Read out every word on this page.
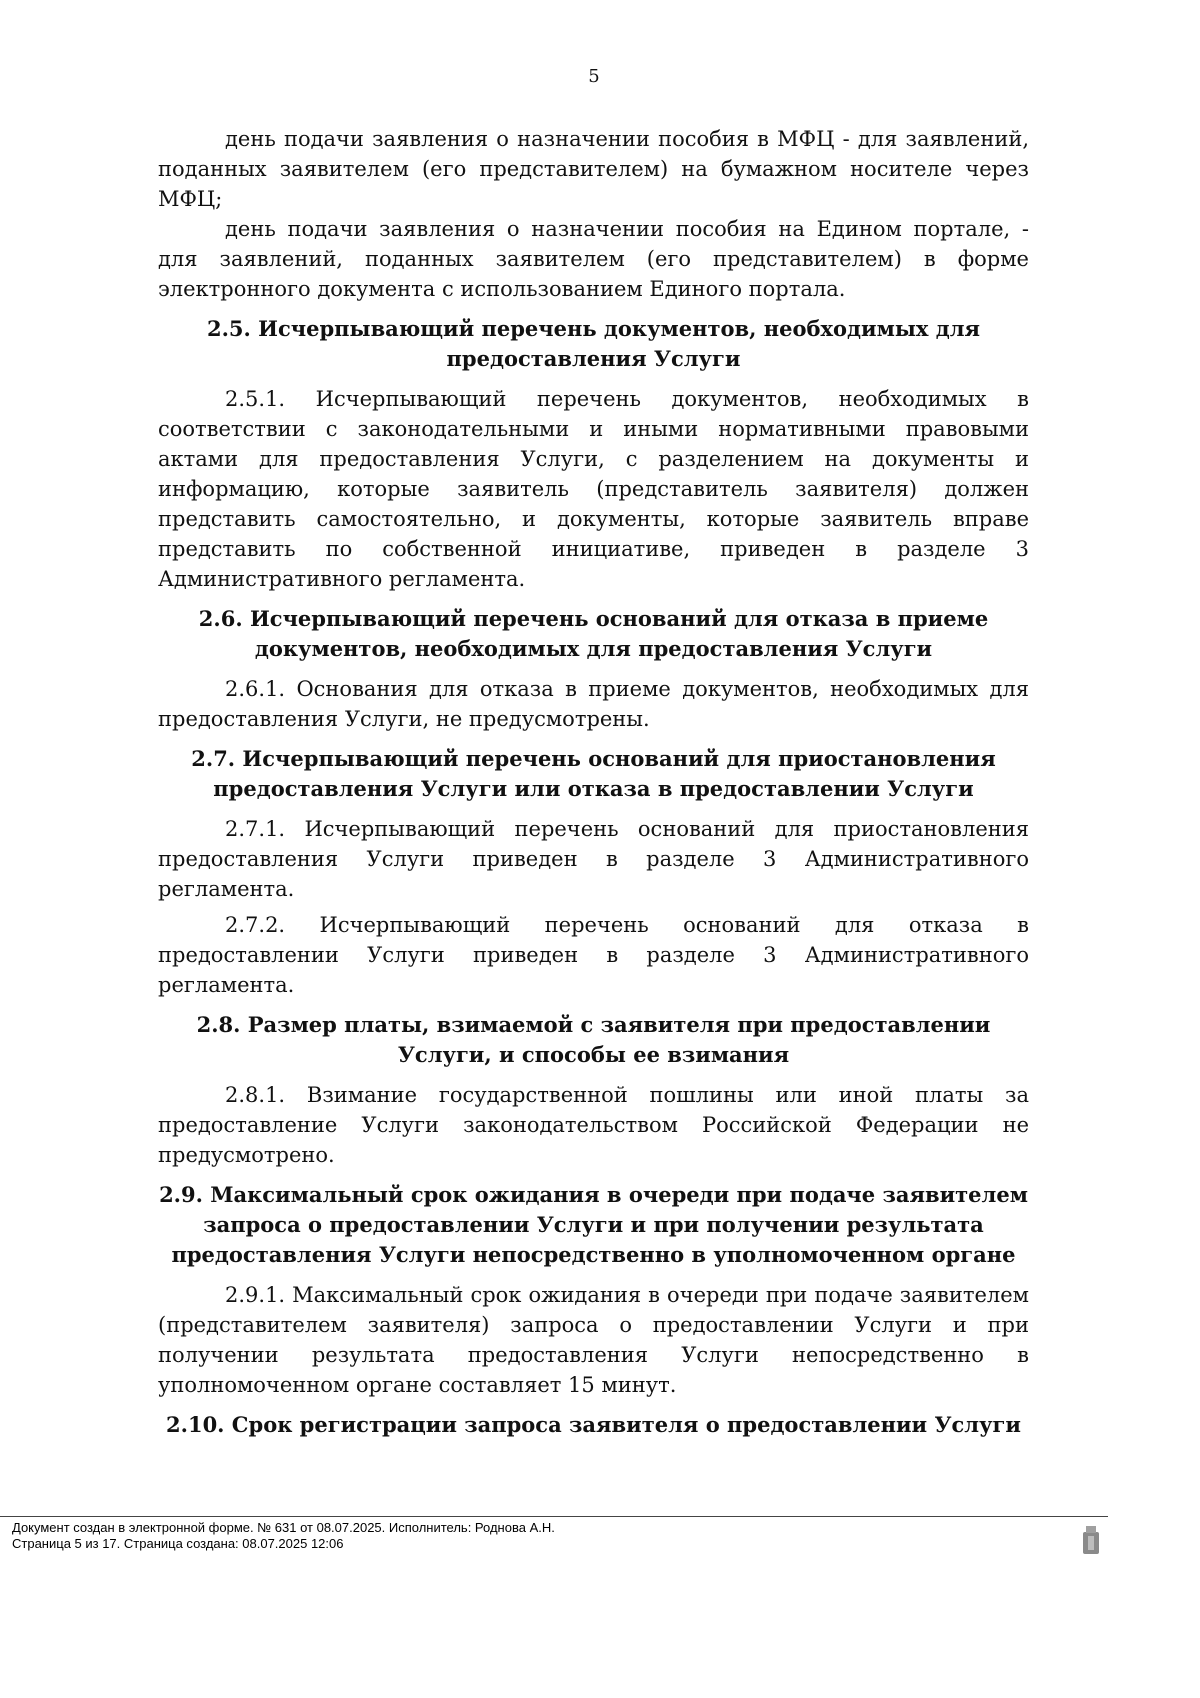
5

день подачи заявления о назначении пособия в МФЦ - для заявлений, поданных заявителем (его представителем) на бумажном носителе через МФЦ;

день подачи заявления о назначении пособия на Едином портале, - для заявлений, поданных заявителем (его представителем) в форме электронного документа с использованием Единого портала.

2.5. Исчерпывающий перечень документов, необходимых для предоставления Услуги

2.5.1. Исчерпывающий перечень документов, необходимых в соответствии с законодательными и иными нормативными правовыми актами для предоставления Услуги, с разделением на документы и информацию, которые заявитель (представитель заявителя) должен представить самостоятельно, и документы, которые заявитель вправе представить по собственной инициативе, приведен в разделе 3 Административного регламента.

2.6. Исчерпывающий перечень оснований для отказа в приеме документов, необходимых для предоставления Услуги

2.6.1. Основания для отказа в приеме документов, необходимых для предоставления Услуги, не предусмотрены.

2.7. Исчерпывающий перечень оснований для приостановления предоставления Услуги или отказа в предоставлении Услуги

2.7.1. Исчерпывающий перечень оснований для приостановления предоставления Услуги приведен в разделе 3 Административного регламента.

2.7.2. Исчерпывающий перечень оснований для отказа в предоставлении Услуги приведен в разделе 3 Административного регламента.

2.8. Размер платы, взимаемой с заявителя при предоставлении Услуги, и способы ее взимания

2.8.1. Взимание государственной пошлины или иной платы за предоставление Услуги законодательством Российской Федерации не предусмотрено.

2.9. Максимальный срок ожидания в очереди при подаче заявителем запроса о предоставлении Услуги и при получении результата предоставления Услуги непосредственно в уполномоченном органе

2.9.1. Максимальный срок ожидания в очереди при подаче заявителем (представителем заявителя) запроса о предоставлении Услуги и при получении результата предоставления Услуги непосредственно в уполномоченном органе составляет 15 минут.

2.10. Срок регистрации запроса заявителя о предоставлении Услуги
Документ создан в электронной форме. № 631 от 08.07.2025. Исполнитель: Роднова А.Н.
Страница 5 из 17. Страница создана: 08.07.2025 12:06
